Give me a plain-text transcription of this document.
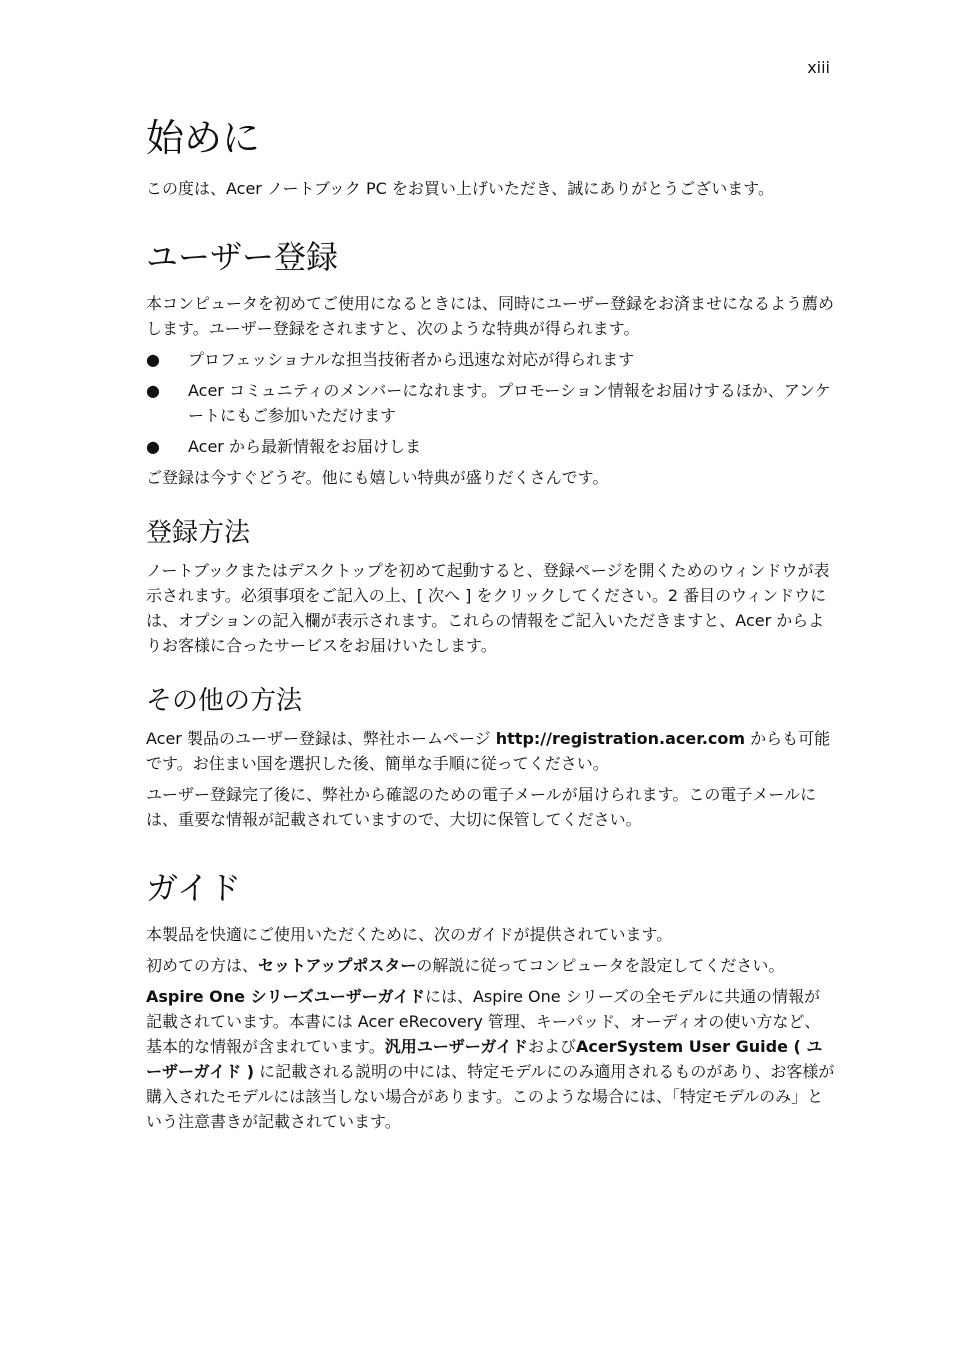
xiii
始めに

この度は、Acer ノートブック PC をお買い上げいただき、誠にありがとうございます。

ユーザー登録

本コンピュータを初めてご使用になるときには、同時にユーザー登録をお済ませになるよう薦めします。ユーザー登録をされますと、次のような特典が得られます。

● プロフェッショナルな担当技術者から迅速な対応が得られます
● Acer コミュニティのメンバーになれます。プロモーション情報をお届けするほか、アンケートにもご参加いただけます
● Acer から最新情報をお届けしま

ご登録は今すぐどうぞ。他にも嬉しい特典が盛りだくさんです。

登録方法

ノートブックまたはデスクトップを初めて起動すると、登録ページを開くためのウィンドウが表示されます。必須事項をご記入の上、[ 次へ ] をクリックしてください。2 番目のウィンドウには、オプションの記入欄が表示されます。これらの情報をご記入いただきますと、Acer からよりお客様に合ったサービスをお届けいたします。

その他の方法

Acer 製品のユーザー登録は、弊社ホームページ http://registration.acer.com からも可能です。お住まい国を選択した後、簡単な手順に従ってください。

ユーザー登録完了後に、弊社から確認のための電子メールが届けられます。この電子メールには、重要な情報が記載されていますので、大切に保管してください。

ガイド

本製品を快適にご使用いただくために、次のガイドが提供されています。

初めての方は、セットアップポスターの解説に従ってコンピュータを設定してください。

Aspire One シリーズユーザーガイドには、Aspire One シリーズの全モデルに共通の情報が記載されています。本書には Acer eRecovery 管理、キーパッド、オーディオの使い方など、基本的な情報が含まれています。汎用ユーザーガイドおよびAcerSystem User Guide ( ユーザーガイド ) に記載される説明の中には、特定モデルにのみ適用されるものがあり、お客様が購入されたモデルには該当しない場合があります。このような場合には、「特定モデルのみ」という注意書きが記載されています。
